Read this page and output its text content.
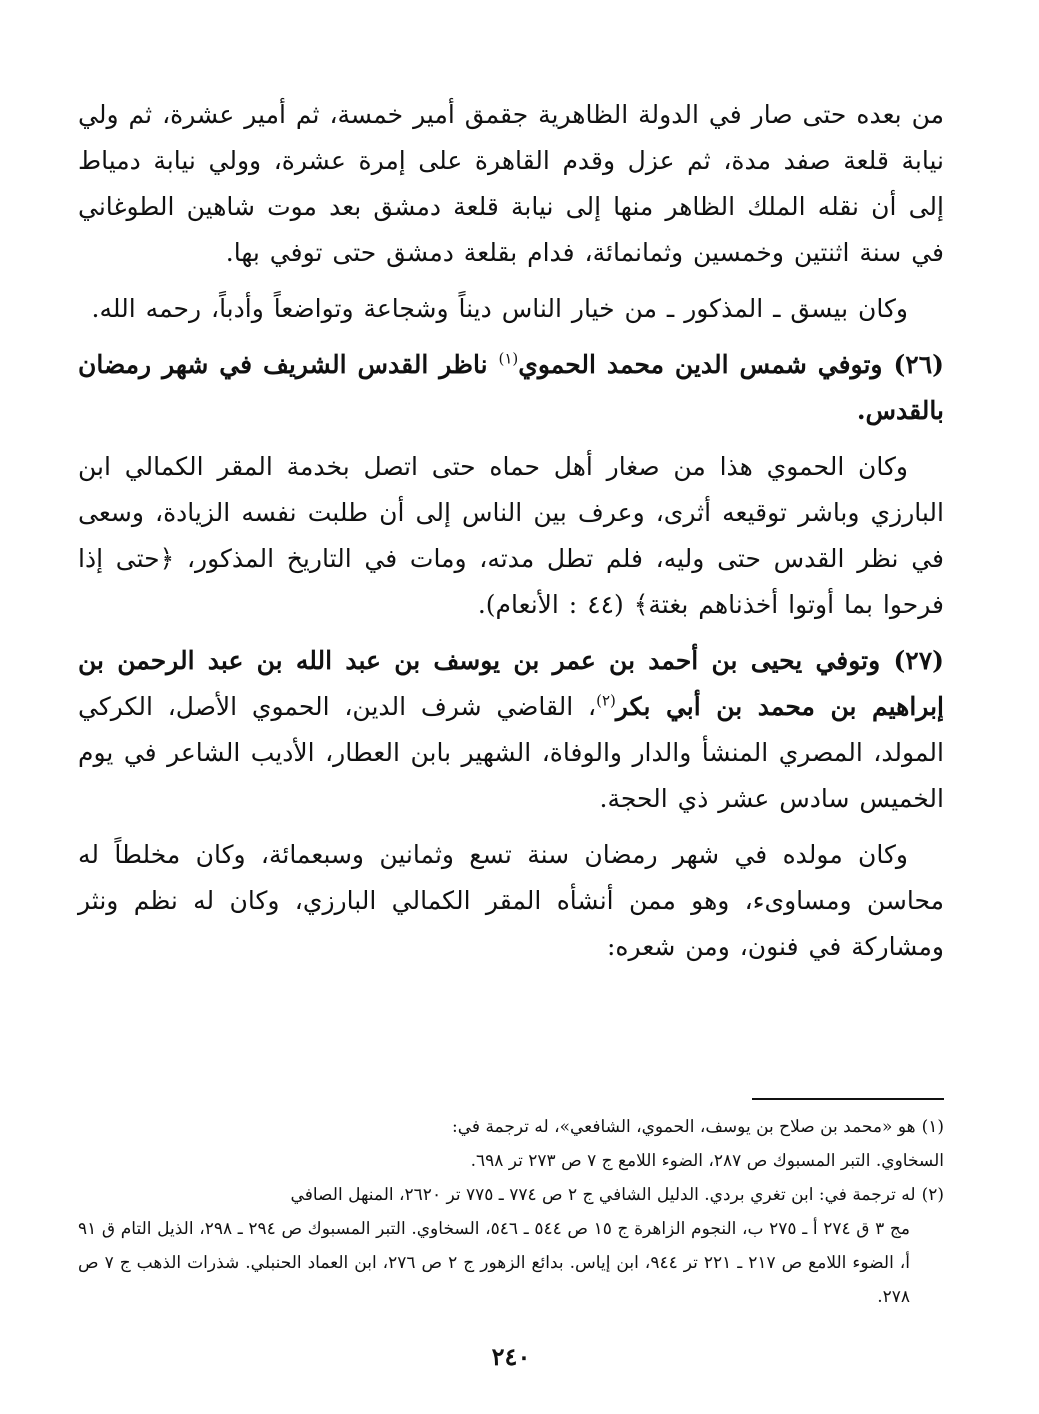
من بعده حتى صار في الدولة الظاهرية جقمق أمير خمسة، ثم أمير عشرة، ثم ولي نيابة قلعة صفد مدة، ثم عزل وقدم القاهرة على إمرة عشرة، وولي نيابة دمياط إلى أن نقله الملك الظاهر منها إلى نيابة قلعة دمشق بعد موت شاهين الطوغاني في سنة اثنتين وخمسين وثمانمائة، فدام بقلعة دمشق حتى توفي بها.

وكان بيسق ـ المذكور ـ من خيار الناس ديناً وشجاعة وتواضعاً وأدباً، رحمه الله.

(٢٦) وتوفي شمس الدين محمد الحموي$^{(١)}$ ناظر القدس الشريف في شهر رمضان بالقدس.

وكان الحموي هذا من صغار أهل حماه حتى اتصل بخدمة المقر الكمالي ابن البارزي وباشر توقيعه أثرى، وعرف بين الناس إلى أن طلبت نفسه الزيادة، وسعى في نظر القدس حتى وليه، فلم تطل مدته، ومات في التاريخ المذكور، ﴿حتى إذا فرحوا بما أوتوا أخذناهم بغتة﴾ (٤٤ : الأنعام).

(٢٧) وتوفي يحيى بن أحمد بن عمر بن يوسف بن عبد الله بن عبد الرحمن بن إبراهيم بن محمد بن أبي بكر$^{(٢)}$، القاضي شرف الدين، الحموي الأصل، الكركي المولد، المصري المنشأ والدار والوفاة، الشهير بابن العطار، الأديب الشاعر في يوم الخميس سادس عشر ذي الحجة.

وكان مولده في شهر رمضان سنة تسع وثمانين وسبعمائة، وكان مخلطاً له محاسن ومساوىء، وهو ممن أنشأه المقر الكمالي البارزي، وكان له نظم ونثر ومشاركة في فنون، ومن شعره:

(١)هو «محمد بن صلاح بن يوسف، الحموي، الشافعي»، له ترجمة في:

السخاوي. التبر المسبوك ص ٢٨٧، الضوء اللامع ج ٧ ص ٢٧٣ تر ٦٩٨.

(٢)له ترجمة في: ابن تغري بردي. الدليل الشافي ج ٢ ص ٧٧٤ ـ ٧٧٥ تر ٢٦٢٠، المنهل الصافي

مج ٣ ق ٢٧٤ أ ـ ٢٧٥ ب، النجوم الزاهرة ج ١٥ ص ٥٤٤ ـ ٥٤٦، السخاوي. التبر المسبوك ص ٢٩٤ ـ ٢٩٨، الذيل التام ق ٩١ أ، الضوء اللامع ص ٢١٧ ـ ٢٢١ تر ٩٤٤، ابن إياس. بدائع الزهور ج ٢ ص ٢٧٦، ابن العماد الحنبلي. شذرات الذهب ج ٧ ص ٢٧٨.

٢٤٠
